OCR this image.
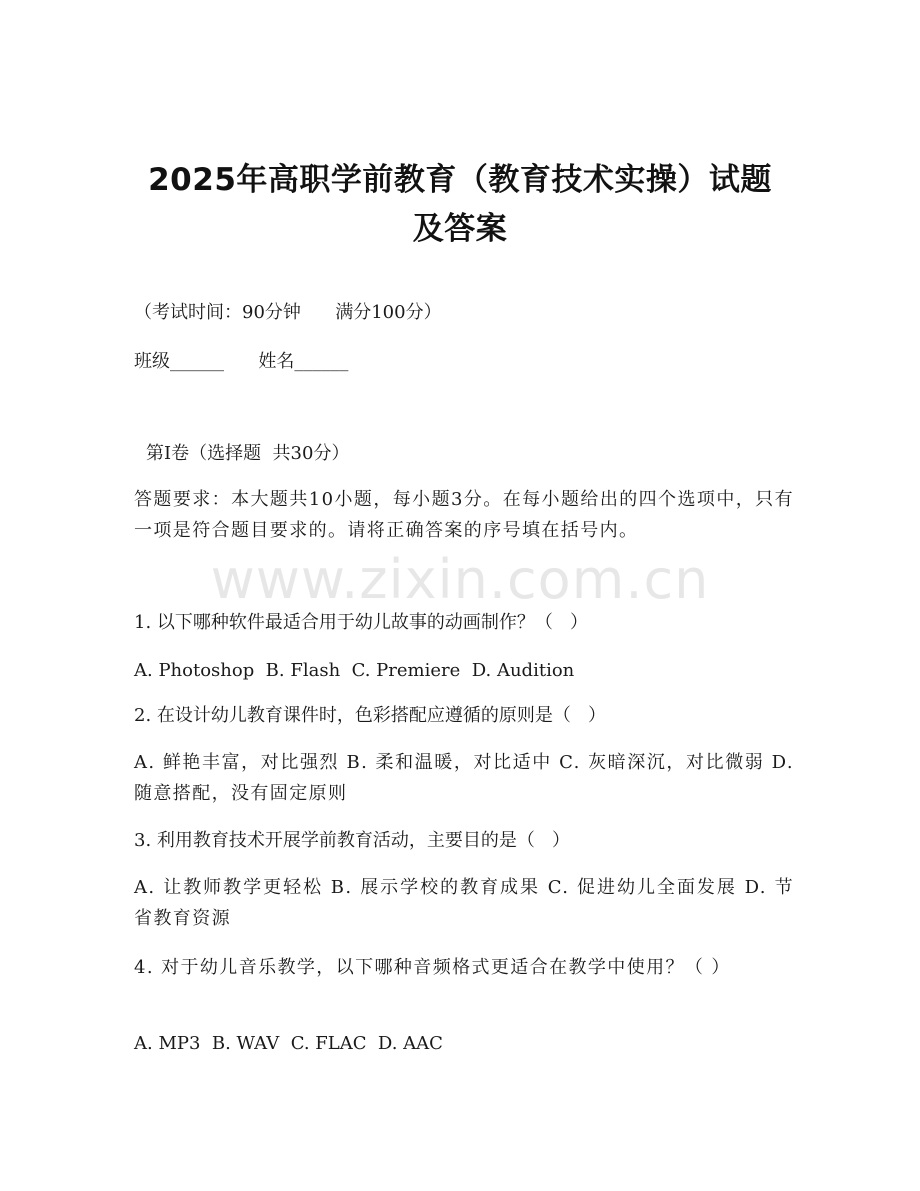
2025年高职学前教育（教育技术实操）试题
及答案
（考试时间：90分钟      满分100分）
班级______      姓名______
第Ⅰ卷（选择题  共30分）
答题要求：本大题共10小题，每小题3分。在每小题给出的四个选项中，只有一项是符合题目要求的。请将正确答案的序号填在括号内。
www.zixin.com.cn
1. 以下哪种软件最适合用于幼儿故事的动画制作？（   ）
A. Photoshop  B. Flash  C. Premiere  D. Audition
2. 在设计幼儿教育课件时，色彩搭配应遵循的原则是（   ）
A. 鲜艳丰富，对比强烈 B. 柔和温暖，对比适中 C. 灰暗深沉，对比微弱 D. 随意搭配，没有固定原则
3. 利用教育技术开展学前教育活动，主要目的是（   ）
A. 让教师教学更轻松 B. 展示学校的教育成果 C. 促进幼儿全面发展 D. 节省教育资源
4. 对于幼儿音乐教学，以下哪种音频格式更适合在教学中使用？（ ）
A. MP3  B. WAV  C. FLAC  D. AAC
